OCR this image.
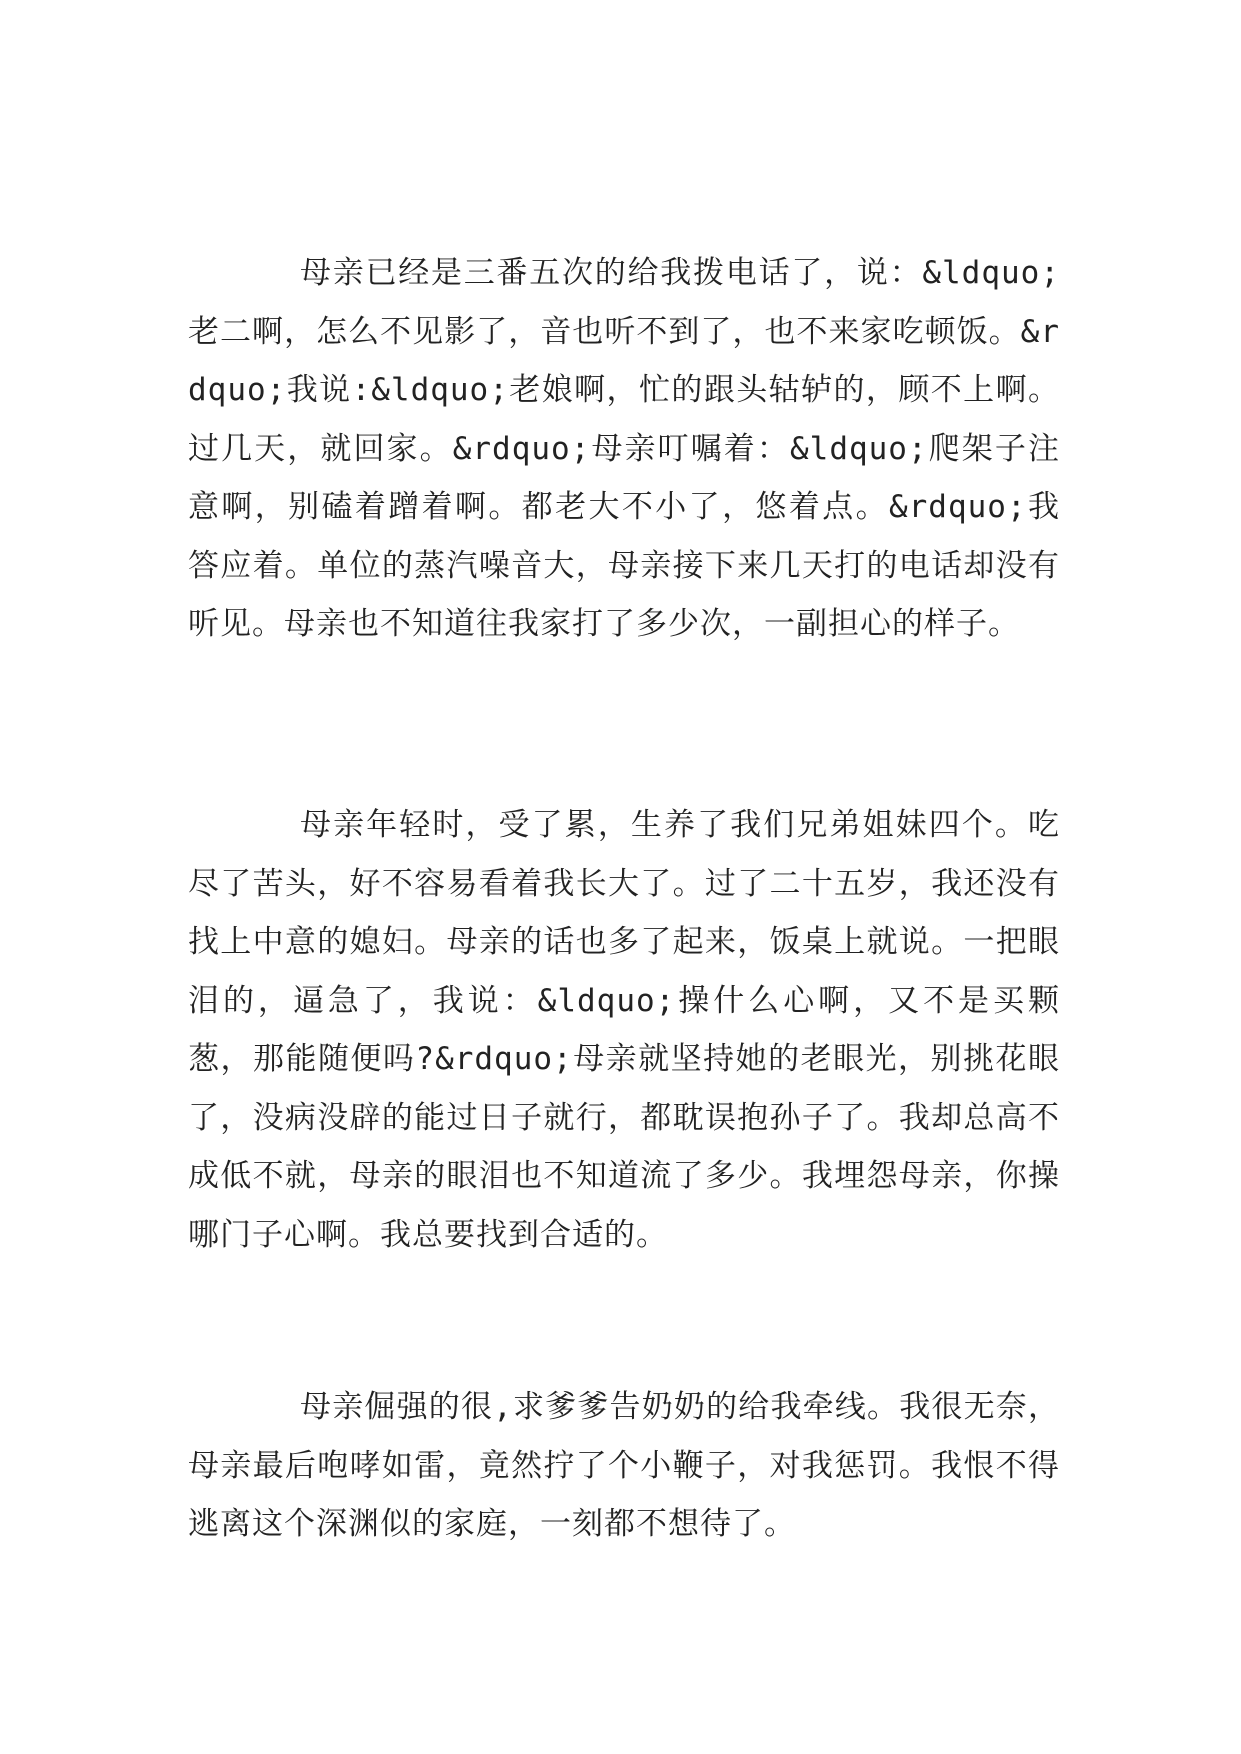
母亲已经是三番五次的给我拨电话了，说：&ldquo;老二啊，怎么不见影了，音也听不到了，也不来家吃顿饭。&rdquo;我说:&ldquo;老娘啊，忙的跟头轱轳的，顾不上啊。过几天，就回家。&rdquo;母亲叮嘱着：&ldquo;爬架子注意啊，别磕着蹭着啊。都老大不小了，悠着点。&rdquo;我答应着。单位的蒸汽噪音大，母亲接下来几天打的电话却没有听见。母亲也不知道往我家打了多少次，一副担心的样子。

母亲年轻时，受了累，生养了我们兄弟姐妹四个。吃尽了苦头，好不容易看着我长大了。过了二十五岁，我还没有找上中意的媳妇。母亲的话也多了起来，饭桌上就说。一把眼泪的，逼急了，我说：&ldquo;操什么心啊，又不是买颗葱，那能随便吗?&rdquo;母亲就坚持她的老眼光，别挑花眼了，没病没辟的能过日子就行，都耽误抱孙子了。我却总高不成低不就，母亲的眼泪也不知道流了多少。我埋怨母亲，你操哪门子心啊。我总要找到合适的。

母亲倔强的很,求爹爹告奶奶的给我牵线。我很无奈，母亲最后咆哮如雷，竟然拧了个小鞭子，对我惩罚。我恨不得逃离这个深渊似的家庭，一刻都不想待了。
